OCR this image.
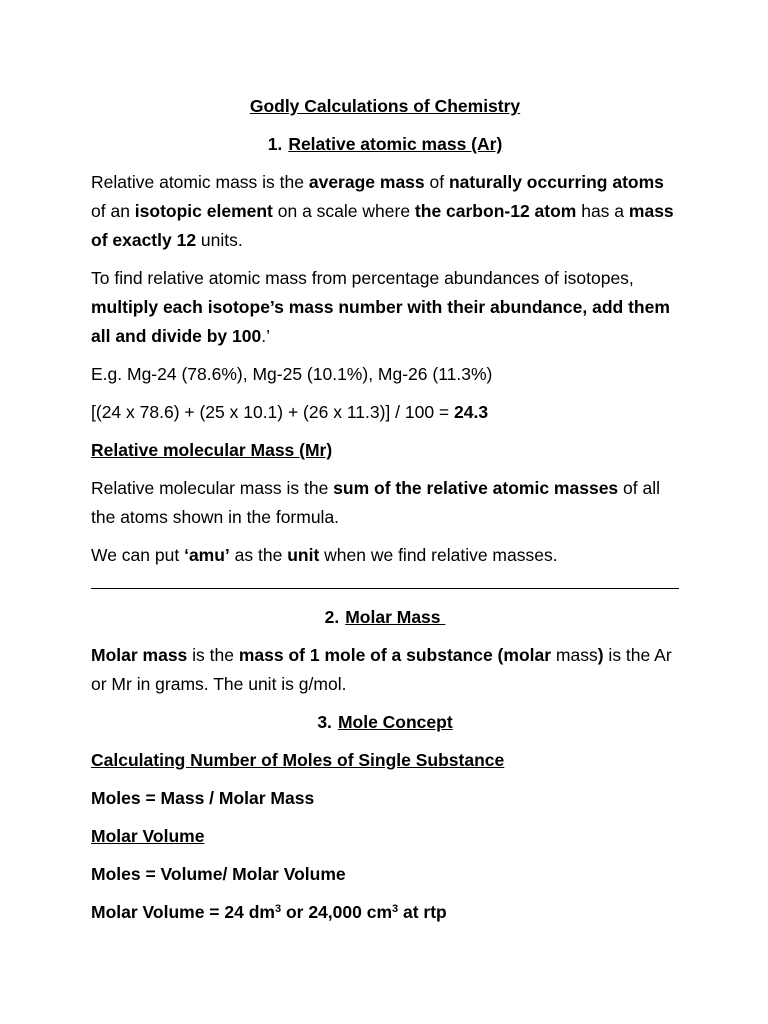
Godly Calculations of Chemistry

1. Relative atomic mass (Ar)

Relative atomic mass is the average mass of naturally occurring atoms of an isotopic element on a scale where the carbon-12 atom has a mass of exactly 12 units.

To find relative atomic mass from percentage abundances of isotopes, multiply each isotope’s mass number with their abundance, add them all and divide by 100.’

E.g. Mg-24 (78.6%), Mg-25 (10.1%), Mg-26 (11.3%)

[(24 x 78.6) + (25 x 10.1) + (26 x 11.3)] / 100 = 24.3

Relative molecular Mass (Mr)

Relative molecular mass is the sum of the relative atomic masses of all the atoms shown in the formula.

We can put ‘amu’ as the unit when we find relative masses.

2. Molar Mass

Molar mass is the mass of 1 mole of a substance (molar mass) is the Ar or Mr in grams. The unit is g/mol.

3. Mole Concept

Calculating Number of Moles of Single Substance

Moles = Mass / Molar Mass

Molar Volume

Moles = Volume/ Molar Volume

Molar Volume = 24 $dm^3$ or 24,000 $cm^3$ at rtp
